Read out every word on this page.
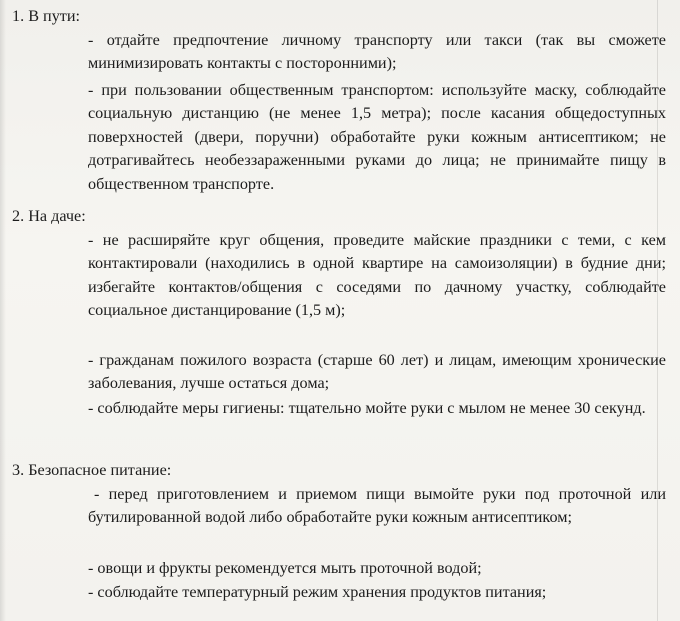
1. В пути:
- отдайте предпочтение личному транспорту или такси (так вы сможете минимизировать контакты с посторонними);
- при пользовании общественным транспортом: используйте маску, соблюдайте социальную дистанцию (не менее 1,5 метра); после касания общедоступных поверхностей (двери, поручни) обработайте руки кожным антисептиком; не дотрагивайтесь необеззараженными руками до лица; не принимайте пищу в общественном транспорте.
2. На даче:
- не расширяйте круг общения, проведите майские праздники с теми, с кем контактировали (находились в одной квартире на самоизоляции) в будние дни; избегайте контактов/общения с соседями по дачному участку, соблюдайте социальное дистанцирование (1,5 м);
- гражданам пожилого возраста (старше 60 лет) и лицам, имеющим хронические заболевания, лучше остаться дома;
- соблюдайте меры гигиены: тщательно мойте руки с мылом не менее 30 секунд.
3. Безопасное питание:
- перед приготовлением и приемом пищи вымойте руки под проточной или бутилированной водой либо обработайте руки кожным антисептиком;
- овощи и фрукты рекомендуется мыть проточной водой;
- соблюдайте температурный режим хранения продуктов питания;
